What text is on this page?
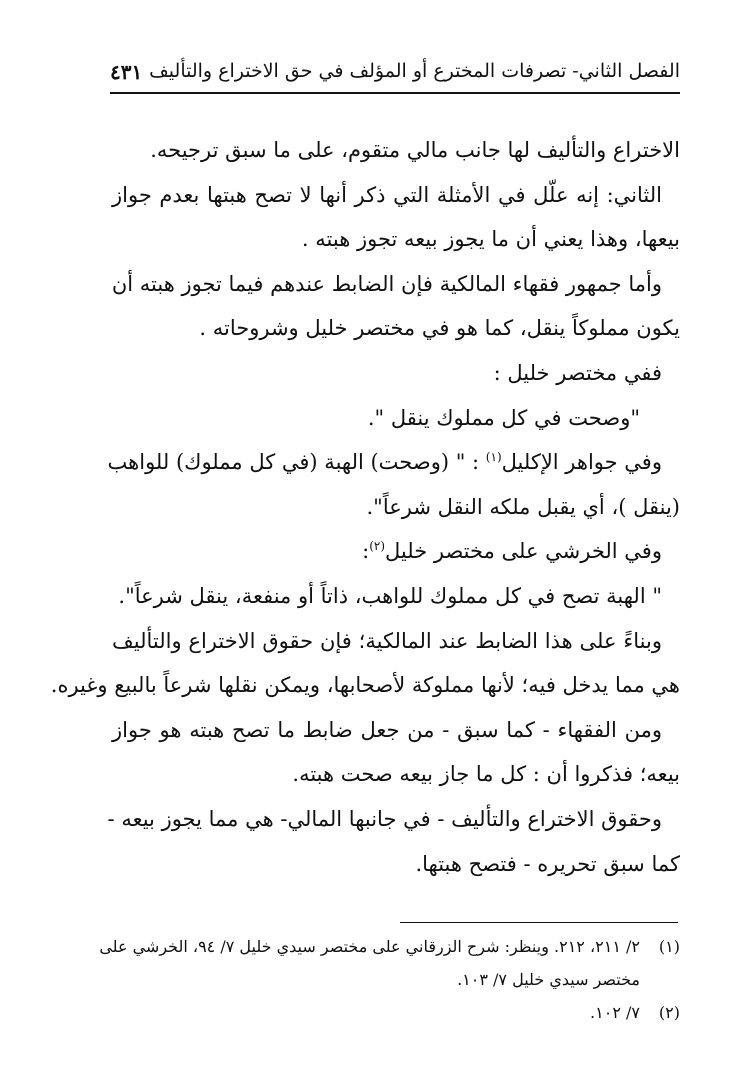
الفصل الثاني- تصرفات المخترع أو المؤلف في حق الاختراع والتأليف
٤٣١
الاختراع والتأليف لها جانب مالي متقوم، على ما سبق ترجيحه.
الثاني: إنه علّل في الأمثلة التي ذكر أنها لا تصح هبتها بعدم جواز
بيعها، وهذا يعني أن ما يجوز بيعه تجوز هبته .
وأما جمهور فقهاء المالكية فإن الضابط عندهم فيما تجوز هبته أن
يكون مملوكاً ينقل، كما هو في مختصر خليل وشروحاته .
ففي مختصر خليل :
"وصحت في كل مملوك ينقل ".
وفي جواهر الإكليل$^{(١)}$ : " (وصحت) الهبة (في كل مملوك) للواهب
(ينقل )، أي يقبل ملكه النقل شرعاً".
وفي الخرشي على مختصر خليل$^{(٢)}$:
" الهبة تصح في كل مملوك للواهب، ذاتاً أو منفعة، ينقل شرعاً".
وبناءً على هذا الضابط عند المالكية؛ فإن حقوق الاختراع والتأليف
هي مما يدخل فيه؛ لأنها مملوكة لأصحابها، ويمكن نقلها شرعاً بالبيع وغيره.
ومن الفقهاء - كما سبق - من جعل ضابط ما تصح هبته هو جواز
بيعه؛ فذكروا أن : كل ما جاز بيعه صحت هبته.
وحقوق الاختراع والتأليف - في جانبها المالي- هي مما يجوز بيعه -
كما سبق تحريره - فتصح هبتها.
(١)٢/ ٢١١، ٢١٢. وينظر: شرح الزرقاني على مختصر سيدي خليل ٧/ ٩٤، الخرشي على
مختصر سيدي خليل ٧/ ١٠٣.
(٢)٧/ ١٠٢.
